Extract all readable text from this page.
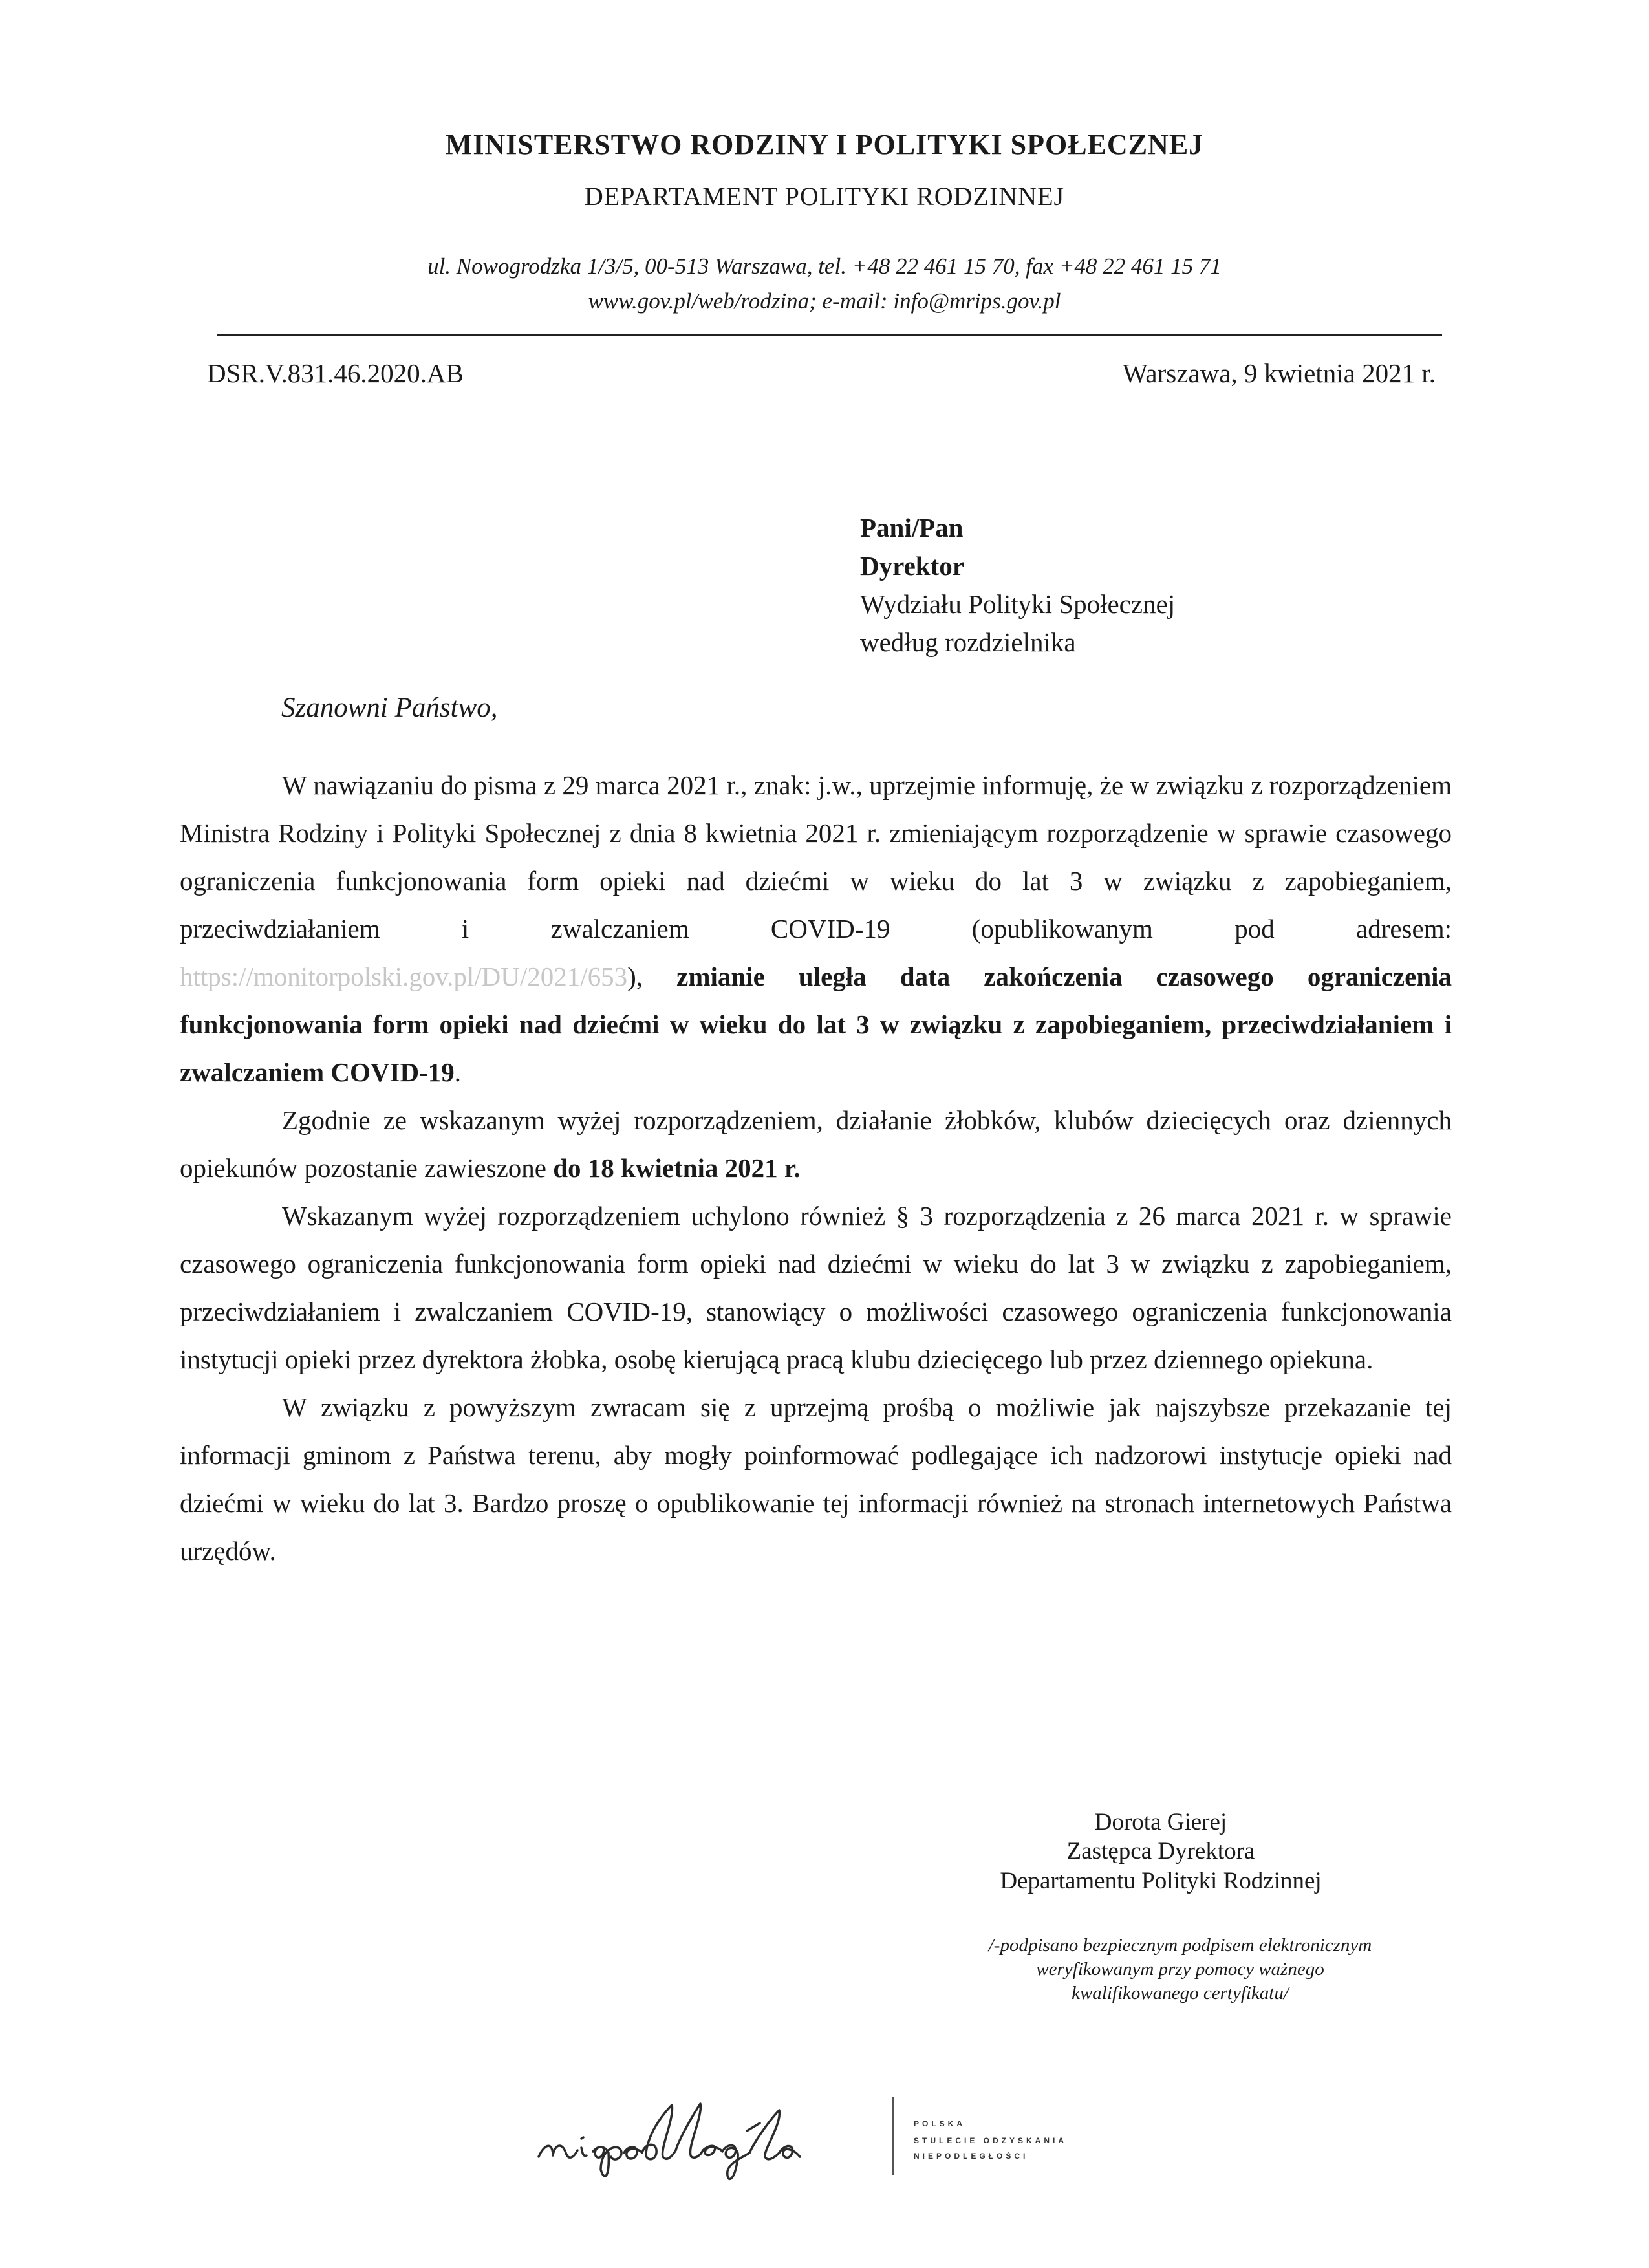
MINISTERSTWO RODZINY I POLITYKI SPOŁECZNEJ
DEPARTAMENT POLITYKI RODZINNEJ
ul. Nowogrodzka 1/3/5, 00-513 Warszawa, tel. +48 22 461 15 70, fax +48 22 461 15 71
www.gov.pl/web/rodzina; e-mail: info@mrips.gov.pl
DSR.V.831.46.2020.AB	Warszawa, 9 kwietnia 2021 r.
Pani/Pan
Dyrektor
Wydziału Polityki Społecznej
według rozdzielnika
Szanowni Państwo,

W nawiązaniu do pisma z 29 marca 2021 r., znak: j.w., uprzejmie informuję, że w związku z rozporządzeniem Ministra Rodziny i Polityki Społecznej z dnia 8 kwietnia 2021 r. zmieniającym rozporządzenie w sprawie czasowego ograniczenia funkcjonowania form opieki nad dziećmi w wieku do lat 3 w związku z zapobieganiem, przeciwdziałaniem i zwalczaniem COVID-19 (opublikowanym pod adresem: https://monitorpolski.gov.pl/DU/2021/653), zmianie uległa data zakończenia czasowego ograniczenia funkcjonowania form opieki nad dziećmi w wieku do lat 3 w związku z zapobieganiem, przeciwdziałaniem i zwalczaniem COVID-19.

Zgodnie ze wskazanym wyżej rozporządzeniem, działanie żłobków, klubów dziecięcych oraz dziennych opiekunów pozostanie zawieszone do 18 kwietnia 2021 r.

Wskazanym wyżej rozporządzeniem uchylono również § 3 rozporządzenia z 26 marca 2021 r. w sprawie czasowego ograniczenia funkcjonowania form opieki nad dziećmi w wieku do lat 3 w związku z zapobieganiem, przeciwdziałaniem i zwalczaniem COVID-19, stanowiący o możliwości czasowego ograniczenia funkcjonowania instytucji opieki przez dyrektora żłobka, osobę kierującą pracą klubu dziecięcego lub przez dziennego opiekuna.

W związku z powyższym zwracam się z uprzejmą prośbą o możliwie jak najszybsze przekazanie tej informacji gminom z Państwa terenu, aby mogły poinformować podlegające ich nadzorowi instytucje opieki nad dziećmi w wieku do lat 3. Bardzo proszę o opublikowanie tej informacji również na stronach internetowych Państwa urzędów.

Dorota Gierej
Zastępca Dyrektora
Departamentu Polityki Rodzinnej
/-podpisano bezpiecznym podpisem elektronicznym
weryfikowanym przy pomocy ważnego
kwalifikowanego certyfikatu/
POLSKA
STULECIE ODZYSKANIA
NIEPODLEGŁOŚCI
